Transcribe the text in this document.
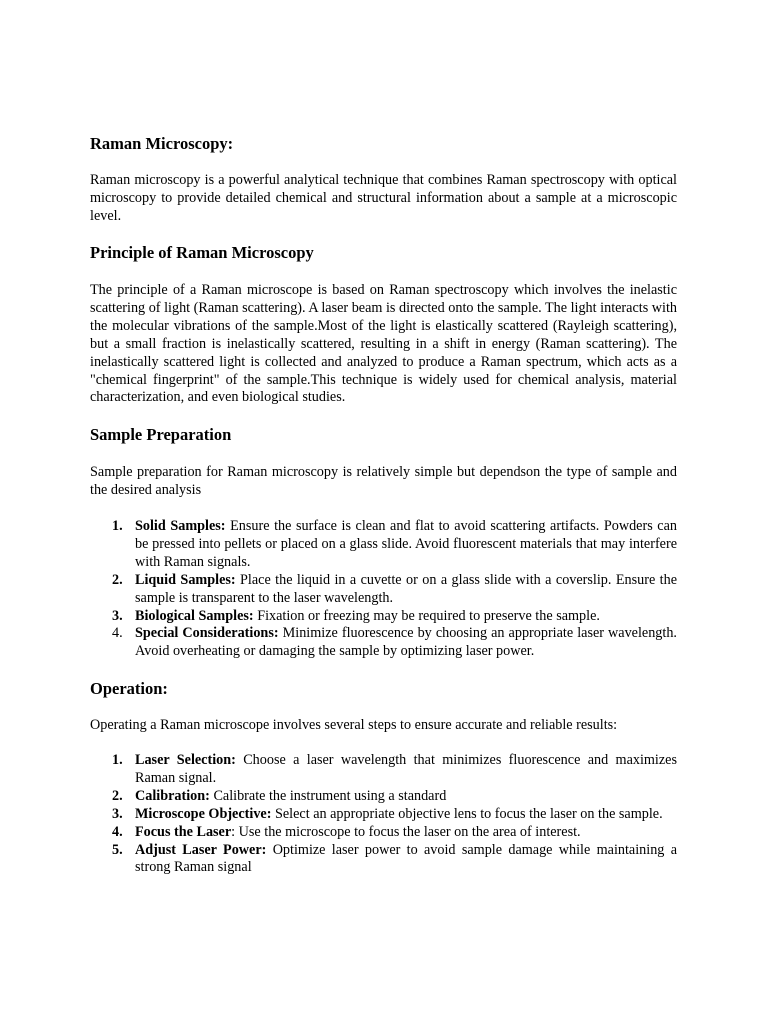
Raman Microscopy:

Raman microscopy is a powerful analytical technique that combines Raman spectroscopy with optical microscopy to provide detailed chemical and structural information about a sample at a microscopic level.

Principle of Raman Microscopy

The principle of a Raman microscope is based on Raman spectroscopy which involves the inelastic scattering of light (Raman scattering). A laser beam is directed onto the sample. The light interacts with the molecular vibrations of the sample.Most of the light is elastically scattered (Rayleigh scattering), but a small fraction is inelastically scattered, resulting in a shift in energy (Raman scattering). The inelastically scattered light is collected and analyzed to produce a Raman spectrum, which acts as a "chemical fingerprint" of the sample.This technique is widely used for chemical analysis, material characterization, and even biological studies.

Sample Preparation

Sample preparation for Raman microscopy is relatively simple but dependson the type of sample and the desired analysis

1. Solid Samples: Ensure the surface is clean and flat to avoid scattering artifacts. Powders can be pressed into pellets or placed on a glass slide. Avoid fluorescent materials that may interfere with Raman signals.
2. Liquid Samples: Place the liquid in a cuvette or on a glass slide with a coverslip. Ensure the sample is transparent to the laser wavelength.
3. Biological Samples: Fixation or freezing may be required to preserve the sample.
4. Special Considerations: Minimize fluorescence by choosing an appropriate laser wavelength. Avoid overheating or damaging the sample by optimizing laser power.
Operation:

Operating a Raman microscope involves several steps to ensure accurate and reliable results:

1. Laser Selection: Choose a laser wavelength that minimizes fluorescence and maximizes Raman signal.
2. Calibration: Calibrate the instrument using a standard
3. Microscope Objective: Select an appropriate objective lens to focus the laser on the sample.
4. Focus the Laser: Use the microscope to focus the laser on the area of interest.
5. Adjust Laser Power: Optimize laser power to avoid sample damage while maintaining a strong Raman signal
